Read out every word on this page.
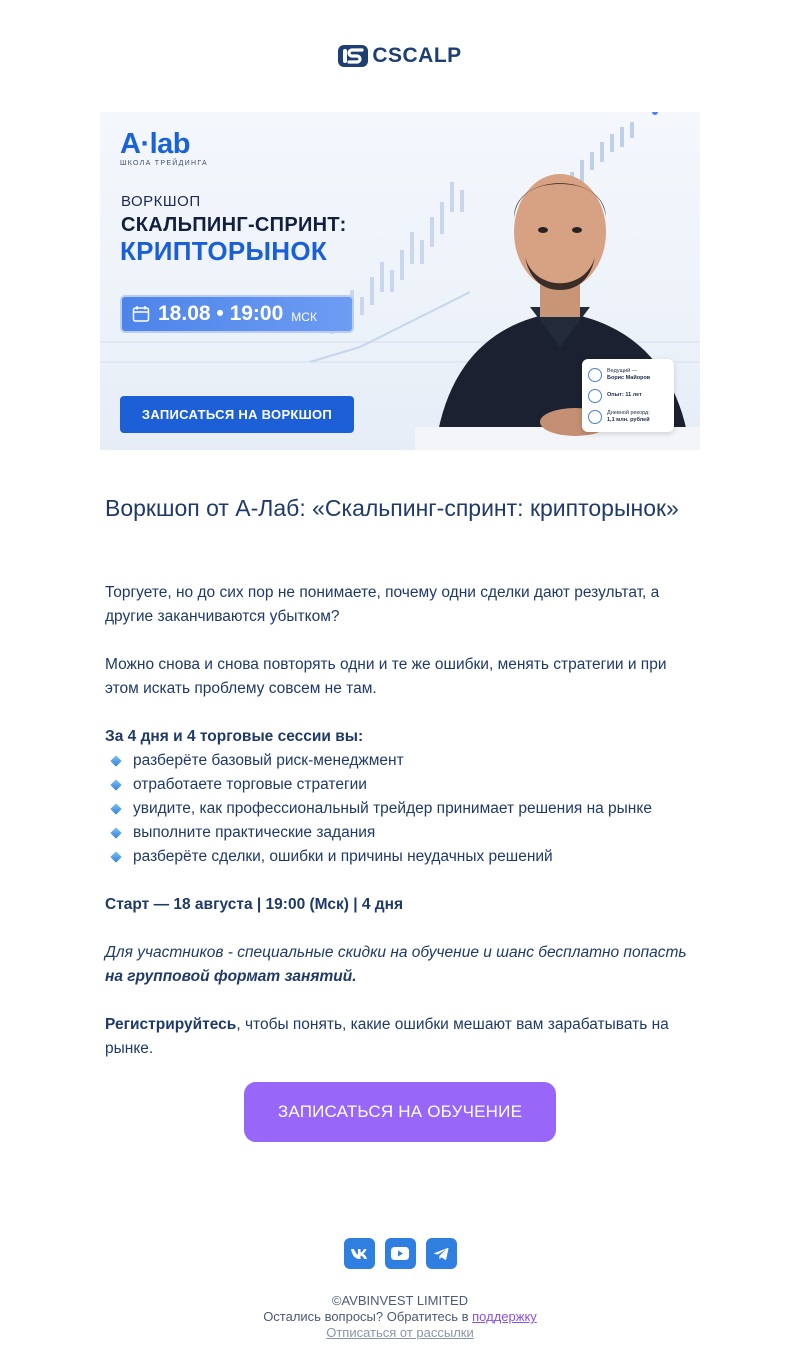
CSCALP
A·lab
ШКОЛА ТРЕЙДИНГА
ВОРКШОП
СКАЛЬПИНГ-СПРИНТ:
КРИПТОРЫНОК
18.08 • 19:00 МСК
ЗАПИСАТЬСЯ НА ВОРКШОП
Ведущий —
Борис Майоров
Опыт: 11 лет
Дневной рекорд:
1,1 млн. рублей
Воркшоп от А-Лаб: «Скальпинг-спринт: крипторынок»

Торгуете, но до сих пор не понимаете, почему одни сделки дают результат, а другие заканчиваются убытком?

Можно снова и снова повторять одни и те же ошибки, менять стратегии и при этом искать проблему совсем не там.

За 4 дня и 4 торговые сессии вы:

разберёте базовый риск-менеджмент
отработаете торговые стратегии
увидите, как профессиональный трейдер принимает решения на рынке
выполните практические задания
разберёте сделки, ошибки и причины неудачных решений

Старт — 18 августа | 19:00 (Мск) | 4 дня

Для участников - специальные скидки на обучение и шанс бесплатно попасть на групповой формат занятий.

Регистрируйтесь, чтобы понять, какие ошибки мешают вам зарабатывать на рынке.

ЗАПИСАТЬСЯ НА ОБУЧЕНИЕ
©AVBINVEST LIMITED
Остались вопросы? Обратитесь в поддержку
Отписаться от рассылки
